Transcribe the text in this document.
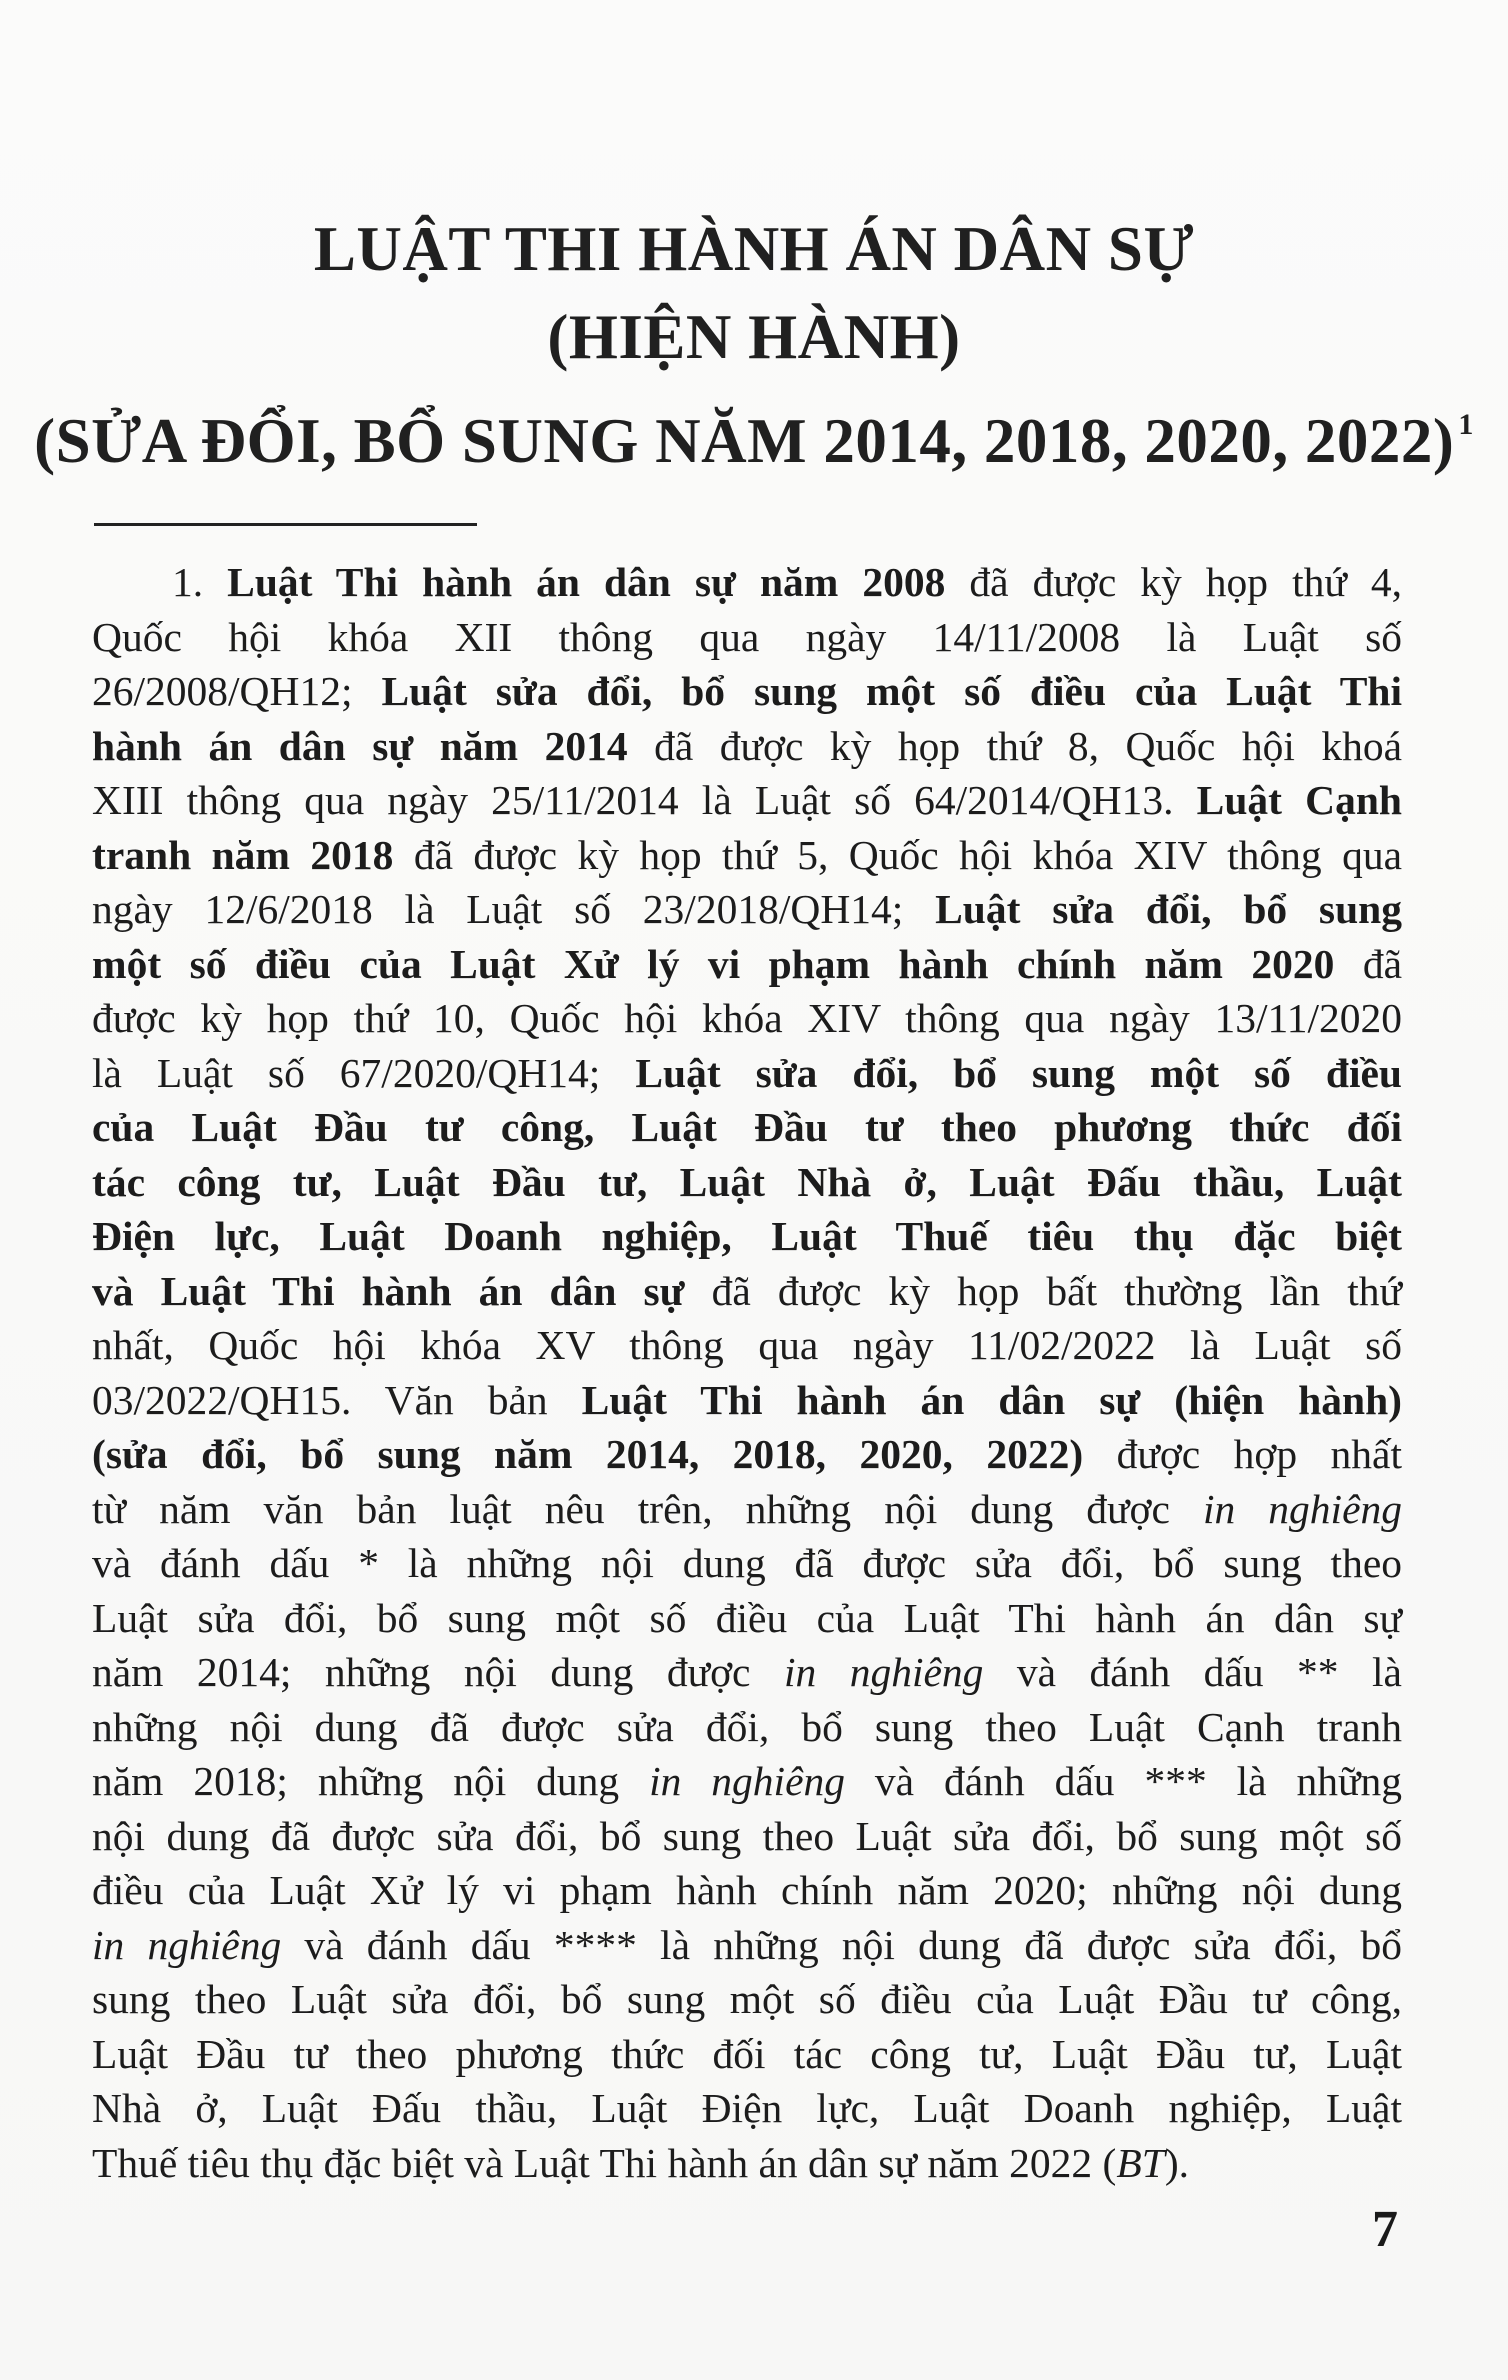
LUẬT THI HÀNH ÁN DÂN SỰ
(HIỆN HÀNH)
(SỬA ĐỔI, BỔ SUNG NĂM 2014, 2018, 2020, 2022) $^1$
1. Luật Thi hành án dân sự năm 2008 đã được kỳ họp thứ 4,
Quốc hội khóa XII thông qua ngày 14/11/2008 là Luật số
26/2008/QH12; Luật sửa đổi, bổ sung một số điều của Luật Thi
hành án dân sự năm 2014 đã được kỳ họp thứ 8, Quốc hội khoá
XIII thông qua ngày 25/11/2014 là Luật số 64/2014/QH13. Luật Cạnh
tranh năm 2018 đã được kỳ họp thứ 5, Quốc hội khóa XIV thông qua
ngày 12/6/2018 là Luật số 23/2018/QH14; Luật sửa đổi, bổ sung
một số điều của Luật Xử lý vi phạm hành chính năm 2020 đã
được kỳ họp thứ 10, Quốc hội khóa XIV thông qua ngày 13/11/2020
là Luật số 67/2020/QH14; Luật sửa đổi, bổ sung một số điều
của Luật Đầu tư công, Luật Đầu tư theo phương thức đối
tác công tư, Luật Đầu tư, Luật Nhà ở, Luật Đấu thầu, Luật
Điện lực, Luật Doanh nghiệp, Luật Thuế tiêu thụ đặc biệt
và Luật Thi hành án dân sự đã được kỳ họp bất thường lần thứ
nhất, Quốc hội khóa XV thông qua ngày 11/02/2022 là Luật số
03/2022/QH15. Văn bản Luật Thi hành án dân sự (hiện hành)
(sửa đổi, bổ sung năm 2014, 2018, 2020, 2022) được hợp nhất
từ năm văn bản luật nêu trên, những nội dung được in nghiêng
và đánh dấu * là những nội dung đã được sửa đổi, bổ sung theo
Luật sửa đổi, bổ sung một số điều của Luật Thi hành án dân sự
năm 2014; những nội dung được in nghiêng và đánh dấu ** là
những nội dung đã được sửa đổi, bổ sung theo Luật Cạnh tranh
năm 2018; những nội dung in nghiêng và đánh dấu *** là những
nội dung đã được sửa đổi, bổ sung theo Luật sửa đổi, bổ sung một số
điều của Luật Xử lý vi phạm hành chính năm 2020; những nội dung
in nghiêng và đánh dấu **** là những nội dung đã được sửa đổi, bổ
sung theo Luật sửa đổi, bổ sung một số điều của Luật Đầu tư công,
Luật Đầu tư theo phương thức đối tác công tư, Luật Đầu tư, Luật
Nhà ở, Luật Đấu thầu, Luật Điện lực, Luật Doanh nghiệp, Luật
Thuế tiêu thụ đặc biệt và Luật Thi hành án dân sự năm 2022 (BT).
7
